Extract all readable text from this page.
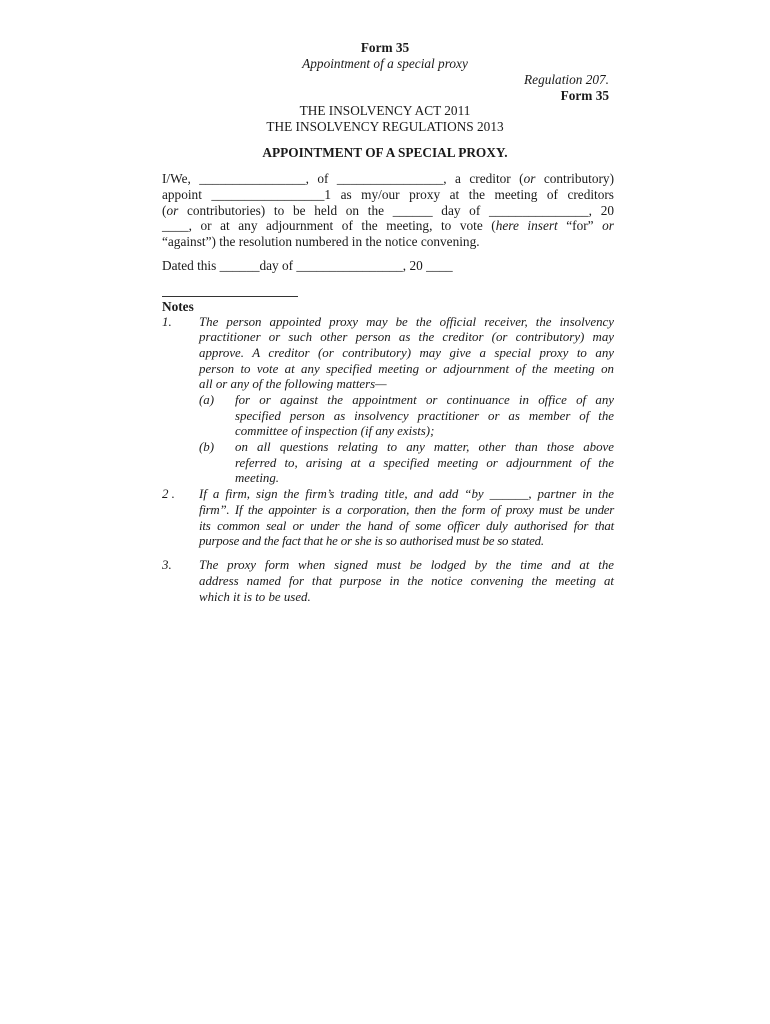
Form 35
Appointment of a special proxy
Regulation 207.
Form 35
THE INSOLVENCY ACT 2011
THE INSOLVENCY REGULATIONS 2013
APPOINTMENT OF A SPECIAL PROXY.
I/We, ________________, of ________________, a creditor (or contributory)
appoint _________________1 as my/our proxy at the meeting of creditors
(or contributories) to be held on the ______ day of _______________, 20
____, or at any adjournment of the meeting, to vote (here insert “for” or
“against”) the resolution numbered in the notice convening.
Dated this ______day of ________________, 20 ____
Notes
1. The person appointed proxy may be the official receiver, the insolvency
practitioner or such other person as the creditor (or contributory) may
approve. A creditor (or contributory) may give a special proxy to any
person to vote at any specified meeting or adjournment of the meeting on
all or any of the following matters—
(a) for or against the appointment or continuance in office of any
specified person as insolvency practitioner or as member of the
committee of inspection (if any exists);
(b) on all questions relating to any matter, other than those above
referred to, arising at a specified meeting or adjournment of the
meeting.
2 . If a firm, sign the firm’s trading title, and add “by ______, partner in the
firm”. If the appointer is a corporation, then the form of proxy must be under
its common seal or under the hand of some officer duly authorised for that
purpose and the fact that he or she is so authorised must be so stated.
3. The proxy form when signed must be lodged by the time and at the
address named for that purpose in the notice convening the meeting at
which it is to be used.
